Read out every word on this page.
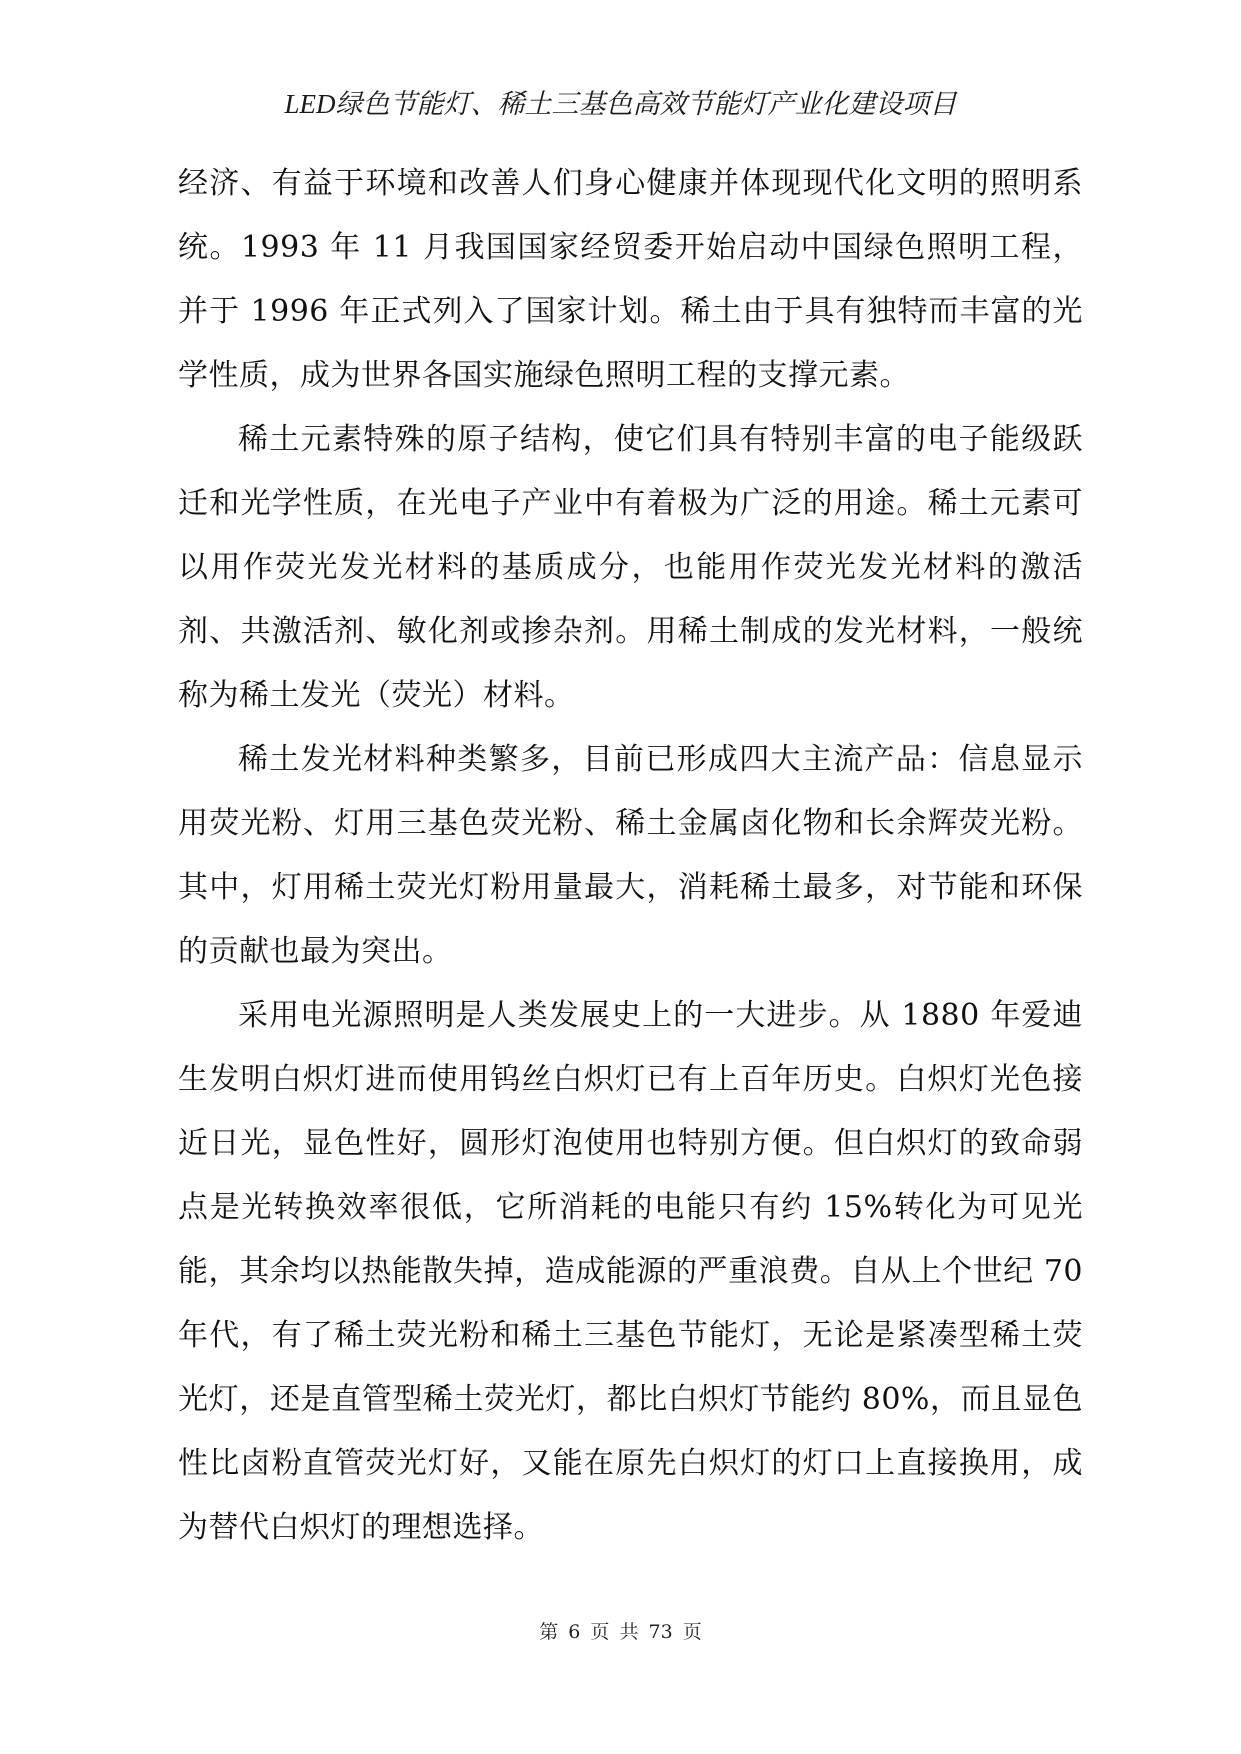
LED绿色节能灯、稀土三基色高效节能灯产业化建设项目

经济、有益于环境和改善人们身心健康并体现现代化文明的照明系统。1993 年 11 月我国国家经贸委开始启动中国绿色照明工程，并于 1996 年正式列入了国家计划。稀土由于具有独特而丰富的光学性质，成为世界各国实施绿色照明工程的支撑元素。

稀土元素特殊的原子结构，使它们具有特别丰富的电子能级跃迁和光学性质，在光电子产业中有着极为广泛的用途。稀土元素可以用作荧光发光材料的基质成分，也能用作荧光发光材料的激活剂、共激活剂、敏化剂或掺杂剂。用稀土制成的发光材料，一般统称为稀土发光（荧光）材料。

稀土发光材料种类繁多，目前已形成四大主流产品：信息显示用荧光粉、灯用三基色荧光粉、稀土金属卤化物和长余辉荧光粉。其中，灯用稀土荧光灯粉用量最大，消耗稀土最多，对节能和环保的贡献也最为突出。

采用电光源照明是人类发展史上的一大进步。从 1880 年爱迪生发明白炽灯进而使用钨丝白炽灯已有上百年历史。白炽灯光色接近日光，显色性好，圆形灯泡使用也特别方便。但白炽灯的致命弱点是光转换效率很低，它所消耗的电能只有约 15%转化为可见光能，其余均以热能散失掉，造成能源的严重浪费。自从上个世纪 70 年代，有了稀土荧光粉和稀土三基色节能灯，无论是紧凑型稀土荧光灯，还是直管型稀土荧光灯，都比白炽灯节能约 80%，而且显色性比卤粉直管荧光灯好，又能在原先白炽灯的灯口上直接换用，成为替代白炽灯的理想选择。

第 6 页 共 73 页
